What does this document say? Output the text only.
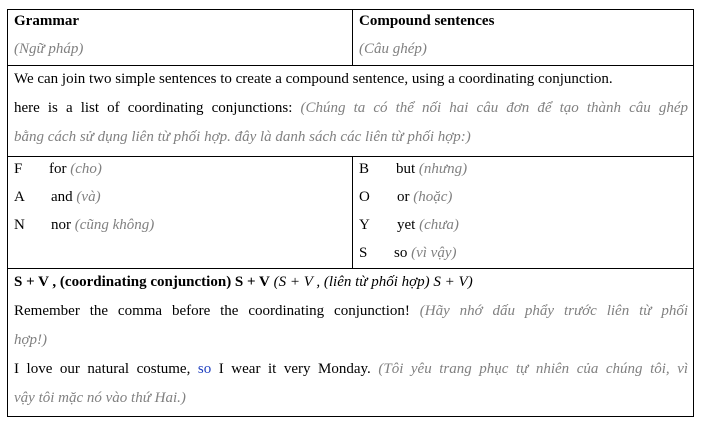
Grammar
(Ngữ pháp)
Compound sentences
(Câu ghép)
We can join two simple sentences to create a compound sentence, using a coordinating conjunction.
here is a list of coordinating conjunctions: (Chúng ta có thể nối hai câu đơn để tạo thành câu ghép
bằng cách sử dụng liên từ phối hợp. đây là danh sách các liên từ phối hợp:)
F for (cho)
A and (và)
N nor (cũng không)
B but (nhưng)
O or (hoặc)
Y yet (chưa)
S so (vì vậy)
S + V , (coordinating conjunction) S + V (S + V , (liên từ phối hợp) S + V)
Remember the comma before the coordinating conjunction! (Hãy nhớ dấu phẩy trước liên từ phối
hợp!)
I love our natural costume, so I wear it very Monday. (Tôi yêu trang phục tự nhiên của chúng tôi, vì
vậy tôi mặc nó vào thứ Hai.)
